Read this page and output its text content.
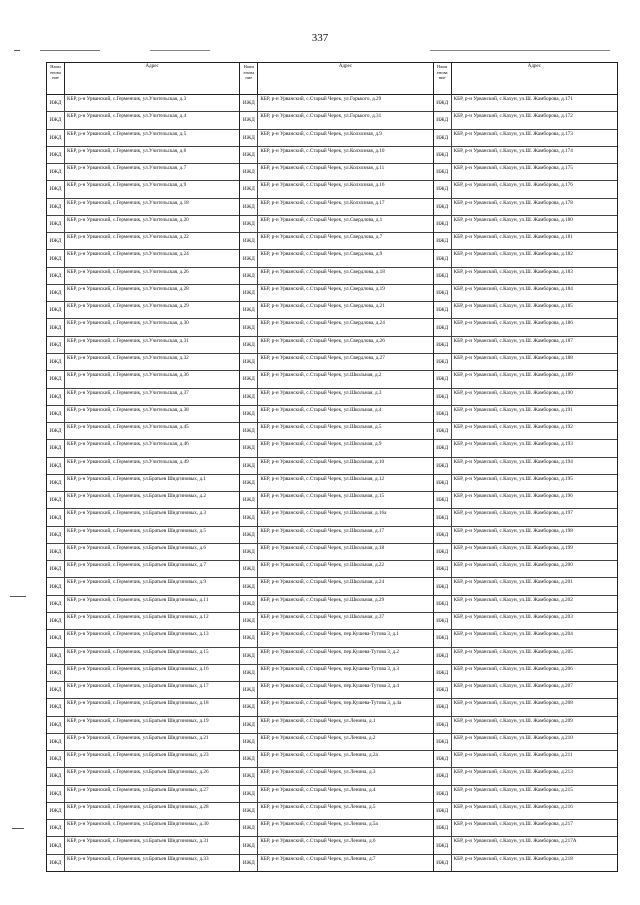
337
Наим енова ние
Адрес
ИЖД
КБР, р-н Урванский, с.Герменчик, ул.Учительская, д.3
ИЖД
КБР, р-н Урванский, с.Герменчик, ул.Учительская, д.4
ИЖД
КБР, р-н Урванский, с.Герменчик, ул.Учительская, д.5
ИЖД
КБР, р-н Урванский, с.Герменчик, ул.Учительская, д.6
ИЖД
КБР, р-н Урванский, с.Герменчик, ул.Учительская, д.7
ИЖД
КБР, р-н Урванский, с.Герменчик, ул.Учительская, д.9
ИЖД
КБР, р-н Урванский, с.Герменчик, ул.Учительская, д.18
ИЖД
КБР, р-н Урванский, с.Герменчик, ул.Учительская, д.20
ИЖД
КБР, р-н Урванский, с.Герменчик, ул.Учительская, д.22
ИЖД
КБР, р-н Урванский, с.Герменчик, ул.Учительская, д.24
ИЖД
КБР, р-н Урванский, с.Герменчик, ул.Учительская, д.26
ИЖД
КБР, р-н Урванский, с.Герменчик, ул.Учительская, д.28
ИЖД
КБР, р-н Урванский, с.Герменчик, ул.Учительская, д.29
ИЖД
КБР, р-н Урванский, с.Герменчик, ул.Учительская, д.30
ИЖД
КБР, р-н Урванский, с.Герменчик, ул.Учительская, д.31
ИЖД
КБР, р-н Урванский, с.Герменчик, ул.Учительская, д.32
ИЖД
КБР, р-н Урванский, с.Герменчик, ул.Учительская, д.36
ИЖД
КБР, р-н Урванский, с.Герменчик, ул.Учительская, д.37
ИЖД
КБР, р-н Урванский, с.Герменчик, ул.Учительская, д.38
ИЖД
КБР, р-н Урванский, с.Герменчик, ул.Учительская, д.45
ИЖД
КБР, р-н Урванский, с.Герменчик, ул.Учительская, д.46
ИЖД
КБР, р-н Урванский, с.Герменчик, ул.Учительская, д.49
ИЖД
КБР, р-н Урванский, с.Герменчик, ул.Братьев Шидгиновых, д.1
ИЖД
КБР, р-н Урванский, с.Герменчик, ул.Братьев Шидгиновых, д.2
ИЖД
КБР, р-н Урванский, с.Герменчик, ул.Братьев Шидгиновых, д.3
ИЖД
КБР, р-н Урванский, с.Герменчик, ул.Братьев Шидгиновых, д.5
ИЖД
КБР, р-н Урванский, с.Герменчик, ул.Братьев Шидгиновых, д.6
ИЖД
КБР, р-н Урванский, с.Герменчик, ул.Братьев Шидгиновых, д.7
ИЖД
КБР, р-н Урванский, с.Герменчик, ул.Братьев Шидгиновых, д.9
ИЖД
КБР, р-н Урванский, с.Герменчик, ул.Братьев Шидгиновых, д.11
ИЖД
КБР, р-н Урванский, с.Герменчик, ул.Братьев Шидгиновых, д.12
ИЖД
КБР, р-н Урванский, с.Герменчик, ул.Братьев Шидгиновых, д.13
ИЖД
КБР, р-н Урванский, с.Герменчик, ул.Братьев Шидгиновых, д.15
ИЖД
КБР, р-н Урванский, с.Герменчик, ул.Братьев Шидгиновых, д.16
ИЖД
КБР, р-н Урванский, с.Герменчик, ул.Братьев Шидгиновых, д.17
ИЖД
КБР, р-н Урванский, с.Герменчик, ул.Братьев Шидгиновых, д.18
ИЖД
КБР, р-н Урванский, с.Герменчик, ул.Братьев Шидгиновых, д.19
ИЖД
КБР, р-н Урванский, с.Герменчик, ул.Братьев Шидгиновых, д.21
ИЖД
КБР, р-н Урванский, с.Герменчик, ул.Братьев Шидгиновых, д.23
ИЖД
КБР, р-н Урванский, с.Герменчик, ул.Братьев Шидгиновых, д.26
ИЖД
КБР, р-н Урванский, с.Герменчик, ул.Братьев Шидгиновых, д.27
ИЖД
КБР, р-н Урванский, с.Герменчик, ул.Братьев Шидгиновых, д.28
ИЖД
КБР, р-н Урванский, с.Герменчик, ул.Братьев Шидгиновых, д.30
ИЖД
КБР, р-н Урванский, с.Герменчик, ул.Братьев Шидгиновых, д.31
ИЖД
КБР, р-н Урванский, с.Герменчик, ул.Братьев Шидгиновых, д.33
Наим енова ние
Адрес
ИЖД
КБР, р-н Урванский, с.Старый Черек, ул.Горького, д.29
ИЖД
КБР, р-н Урванский, с.Старый Черек, ул.Горького, д.31
ИЖД
КБР, р-н Урванский, с.Старый Черек, ул.Колхозная, д.9
ИЖД
КБР, р-н Урванский, с.Старый Черек, ул.Колхозная, д.10
ИЖД
КБР, р-н Урванский, с.Старый Черек, ул.Колхозная, д.11
ИЖД
КБР, р-н Урванский, с.Старый Черек, ул.Колхозная, д.16
ИЖД
КБР, р-н Урванский, с.Старый Черек, ул.Колхозная, д.17
ИЖД
КБР, р-н Урванский, с.Старый Черек, ул.Свердлова, д.1
ИЖД
КБР, р-н Урванский, с.Старый Черек, ул.Свердлова, д.7
ИЖД
КБР, р-н Урванский, с.Старый Черек, ул.Свердлова, д.9
ИЖД
КБР, р-н Урванский, с.Старый Черек, ул.Свердлова, д.18
ИЖД
КБР, р-н Урванский, с.Старый Черек, ул.Свердлова, д.19
ИЖД
КБР, р-н Урванский, с.Старый Черек, ул.Свердлова, д.21
ИЖД
КБР, р-н Урванский, с.Старый Черек, ул.Свердлова, д.24
ИЖД
КБР, р-н Урванский, с.Старый Черек, ул.Свердлова, д.26
ИЖД
КБР, р-н Урванский, с.Старый Черек, ул.Свердлова, д.27
ИЖД
КБР, р-н Урванский, с.Старый Черек, ул.Школьная, д.2
ИЖД
КБР, р-н Урванский, с.Старый Черек, ул.Школьная, д.3
ИЖД
КБР, р-н Урванский, с.Старый Черек, ул.Школьная, д.4
ИЖД
КБР, р-н Урванский, с.Старый Черек, ул.Школьная, д.5
ИЖД
КБР, р-н Урванский, с.Старый Черек, ул.Школьная, д.9
ИЖД
КБР, р-н Урванский, с.Старый Черек, ул.Школьная, д.10
ИЖД
КБР, р-н Урванский, с.Старый Черек, ул.Школьная, д.12
ИЖД
КБР, р-н Урванский, с.Старый Черек, ул.Школьная, д.15
ИЖД
КБР, р-н Урванский, с.Старый Черек, ул.Школьная, д.16а
ИЖД
КБР, р-н Урванский, с.Старый Черек, ул.Школьная, д.17
ИЖД
КБР, р-н Урванский, с.Старый Черек, ул.Школьная, д.18
ИЖД
КБР, р-н Урванский, с.Старый Черек, ул.Школьная, д.22
ИЖД
КБР, р-н Урванский, с.Старый Черек, ул.Школьная, д.24
ИЖД
КБР, р-н Урванский, с.Старый Черек, ул.Школьная, д.29
ИЖД
КБР, р-н Урванский, с.Старый Черек, ул.Школьная, д.37
ИЖД
КБР, р-н Урванский, с.Старый Черек, пер.Кушева-Тутова 3, д.1
ИЖД
КБР, р-н Урванский, с.Старый Черек, пер.Кушева-Тутова 3, д.2
ИЖД
КБР, р-н Урванский, с.Старый Черек, пер.Кушева-Тутова 3, д.3
ИЖД
КБР, р-н Урванский, с.Старый Черек, пер.Кушева-Тутова 3, д.4
ИЖД
КБР, р-н Урванский, с.Старый Черек, пер.Кушева-Тутова 3, д.4а
ИЖД
КБР, р-н Урванский, с.Старый Черек, ул.Ленина, д.1
ИЖД
КБР, р-н Урванский, с.Старый Черек, ул.Ленина, д.2
ИЖД
КБР, р-н Урванский, с.Старый Черек, ул.Ленина, д.2а
ИЖД
КБР, р-н Урванский, с.Старый Черек, ул.Ленина, д.3
ИЖД
КБР, р-н Урванский, с.Старый Черек, ул.Ленина, д.4
ИЖД
КБР, р-н Урванский, с.Старый Черек, ул.Ленина, д.5
ИЖД
КБР, р-н Урванский, с.Старый Черек, ул.Ленина, д.5а
ИЖД
КБР, р-н Урванский, с.Старый Черек, ул.Ленина, д.6
ИЖД
КБР, р-н Урванский, с.Старый Черек, ул.Ленина, д.7
Наим енова ние
Адрес
ИЖД
КБР, р-н Урванский, с.Кахун, ул.Ш. Жамборова, д.171
ИЖД
КБР, р-н Урванский, с.Кахун, ул.Ш. Жамборова, д.172
ИЖД
КБР, р-н Урванский, с.Кахун, ул.Ш. Жамборова, д.173
ИЖД
КБР, р-н Урванский, с.Кахун, ул.Ш. Жамборова, д.174
ИЖД
КБР, р-н Урванский, с.Кахун, ул.Ш. Жамборова, д.175
ИЖД
КБР, р-н Урванский, с.Кахун, ул.Ш. Жамборова, д.176
ИЖД
КБР, р-н Урванский, с.Кахун, ул.Ш. Жамборова, д.178
ИЖД
КБР, р-н Урванский, с.Кахун, ул.Ш. Жамборова, д.180
ИЖД
КБР, р-н Урванский, с.Кахун, ул.Ш. Жамборова, д.181
ИЖД
КБР, р-н Урванский, с.Кахун, ул.Ш. Жамборова, д.182
ИЖД
КБР, р-н Урванский, с.Кахун, ул.Ш. Жамборова, д.183
ИЖД
КБР, р-н Урванский, с.Кахун, ул.Ш. Жамборова, д.184
ИЖД
КБР, р-н Урванский, с.Кахун, ул.Ш. Жамборова, д.185
ИЖД
КБР, р-н Урванский, с.Кахун, ул.Ш. Жамборова, д.186
ИЖД
КБР, р-н Урванский, с.Кахун, ул.Ш. Жамборова, д.187
ИЖД
КБР, р-н Урванский, с.Кахун, ул.Ш. Жамборова, д.188
ИЖД
КБР, р-н Урванский, с.Кахун, ул.Ш. Жамборова, д.189
ИЖД
КБР, р-н Урванский, с.Кахун, ул.Ш. Жамборова, д.190
ИЖД
КБР, р-н Урванский, с.Кахун, ул.Ш. Жамборова, д.191
ИЖД
КБР, р-н Урванский, с.Кахун, ул.Ш. Жамборова, д.192
ИЖД
КБР, р-н Урванский, с.Кахун, ул.Ш. Жамборова, д.193
ИЖД
КБР, р-н Урванский, с.Кахун, ул.Ш. Жамборова, д.194
ИЖД
КБР, р-н Урванский, с.Кахун, ул.Ш. Жамборова, д.195
ИЖД
КБР, р-н Урванский, с.Кахун, ул.Ш. Жамборова, д.196
ИЖД
КБР, р-н Урванский, с.Кахун, ул.Ш. Жамборова, д.197
ИЖД
КБР, р-н Урванский, с.Кахун, ул.Ш. Жамборова, д.198
ИЖД
КБР, р-н Урванский, с.Кахун, ул.Ш. Жамборова, д.199
ИЖД
КБР, р-н Урванский, с.Кахун, ул.Ш. Жамборова, д.200
ИЖД
КБР, р-н Урванский, с.Кахун, ул.Ш. Жамборова, д.201
ИЖД
КБР, р-н Урванский, с.Кахун, ул.Ш. Жамборова, д.202
ИЖД
КБР, р-н Урванский, с.Кахун, ул.Ш. Жамборова, д.203
ИЖД
КБР, р-н Урванский, с.Кахун, ул.Ш. Жамборова, д.204
ИЖД
КБР, р-н Урванский, с.Кахун, ул.Ш. Жамборова, д.205
ИЖД
КБР, р-н Урванский, с.Кахун, ул.Ш. Жамборова, д.206
ИЖД
КБР, р-н Урванский, с.Кахун, ул.Ш. Жамборова, д.207
ИЖД
КБР, р-н Урванский, с.Кахун, ул.Ш. Жамборова, д.208
ИЖД
КБР, р-н Урванский, с.Кахун, ул.Ш. Жамборова, д.209
ИЖД
КБР, р-н Урванский, с.Кахун, ул.Ш. Жамборова, д.210
ИЖД
КБР, р-н Урванский, с.Кахун, ул.Ш. Жамборова, д.211
ИЖД
КБР, р-н Урванский, с.Кахун, ул.Ш. Жамборова, д.213
ИЖД
КБР, р-н Урванский, с.Кахун, ул.Ш. Жамборова, д.215
ИЖД
КБР, р-н Урванский, с.Кахун, ул.Ш. Жамборова, д.216
ИЖД
КБР, р-н Урванский, с.Кахун, ул.Ш. Жамборова, д.217
ИЖД
КБР, р-н Урванский, с.Кахун, ул.Ш. Жамборова, д.217А
ИЖД
КБР, р-н Урванский, с.Кахун, ул.Ш. Жамборова, д.218
